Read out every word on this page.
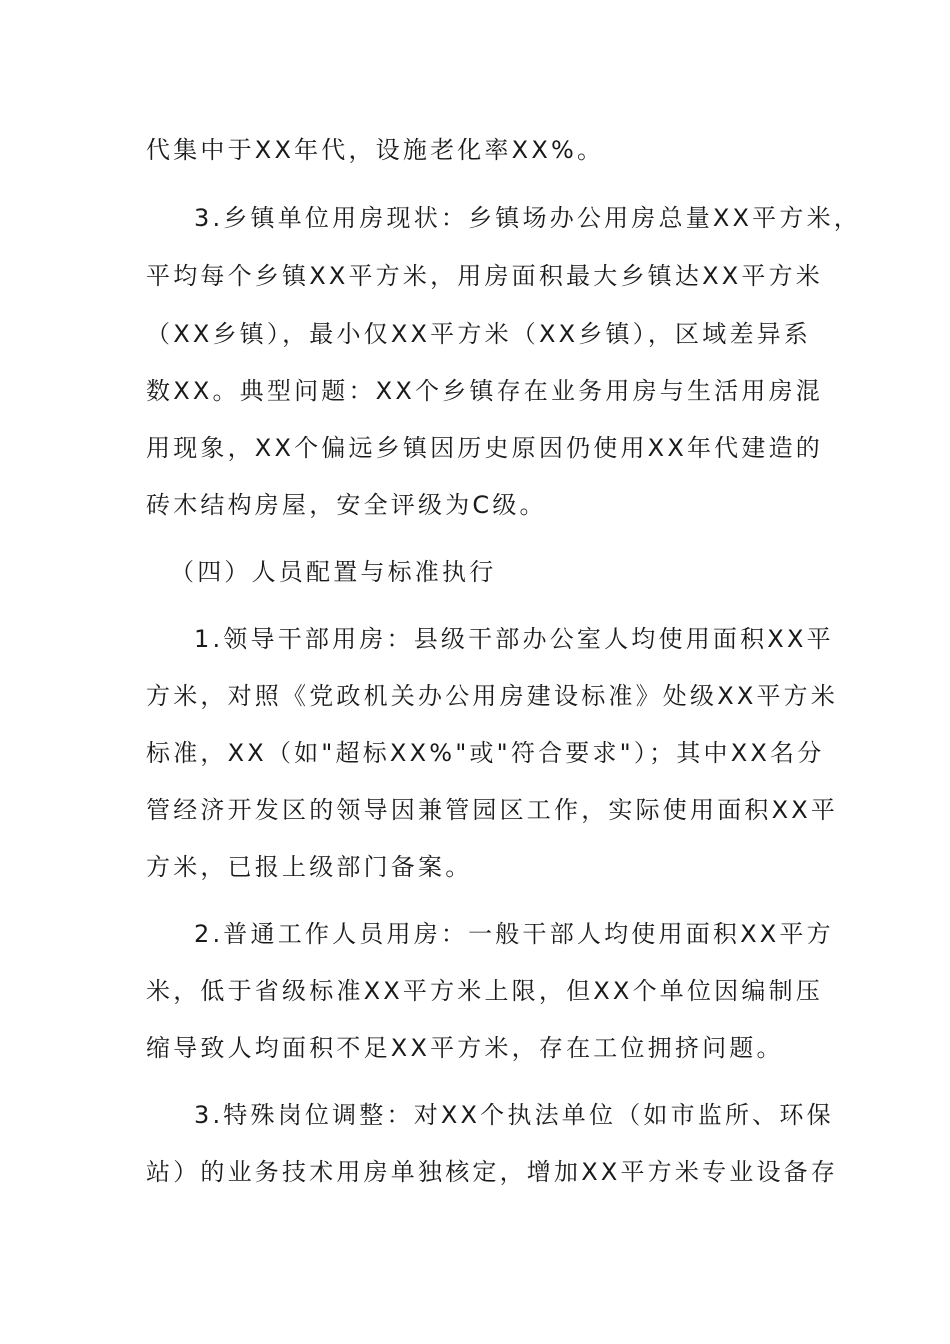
代集中于XX年代，设施老化率XX%。
3.乡镇单位用房现状：乡镇场办公用房总量XX平方米，
平均每个乡镇XX平方米，用房面积最大乡镇达XX平方米
（XX乡镇），最小仅XX平方米（XX乡镇），区域差异系
数XX。典型问题：XX个乡镇存在业务用房与生活用房混
用现象，XX个偏远乡镇因历史原因仍使用XX年代建造的
砖木结构房屋，安全评级为C级。
（四）人员配置与标准执行
1.领导干部用房：县级干部办公室人均使用面积XX平
方米，对照《党政机关办公用房建设标准》处级XX平方米
标准，XX（如"超标XX%"或"符合要求"）；其中XX名分
管经济开发区的领导因兼管园区工作，实际使用面积XX平
方米，已报上级部门备案。
2.普通工作人员用房：一般干部人均使用面积XX平方
米，低于省级标准XX平方米上限，但XX个单位因编制压
缩导致人均面积不足XX平方米，存在工位拥挤问题。
3.特殊岗位调整：对XX个执法单位（如市监所、环保
站）的业务技术用房单独核定，增加XX平方米专业设备存
